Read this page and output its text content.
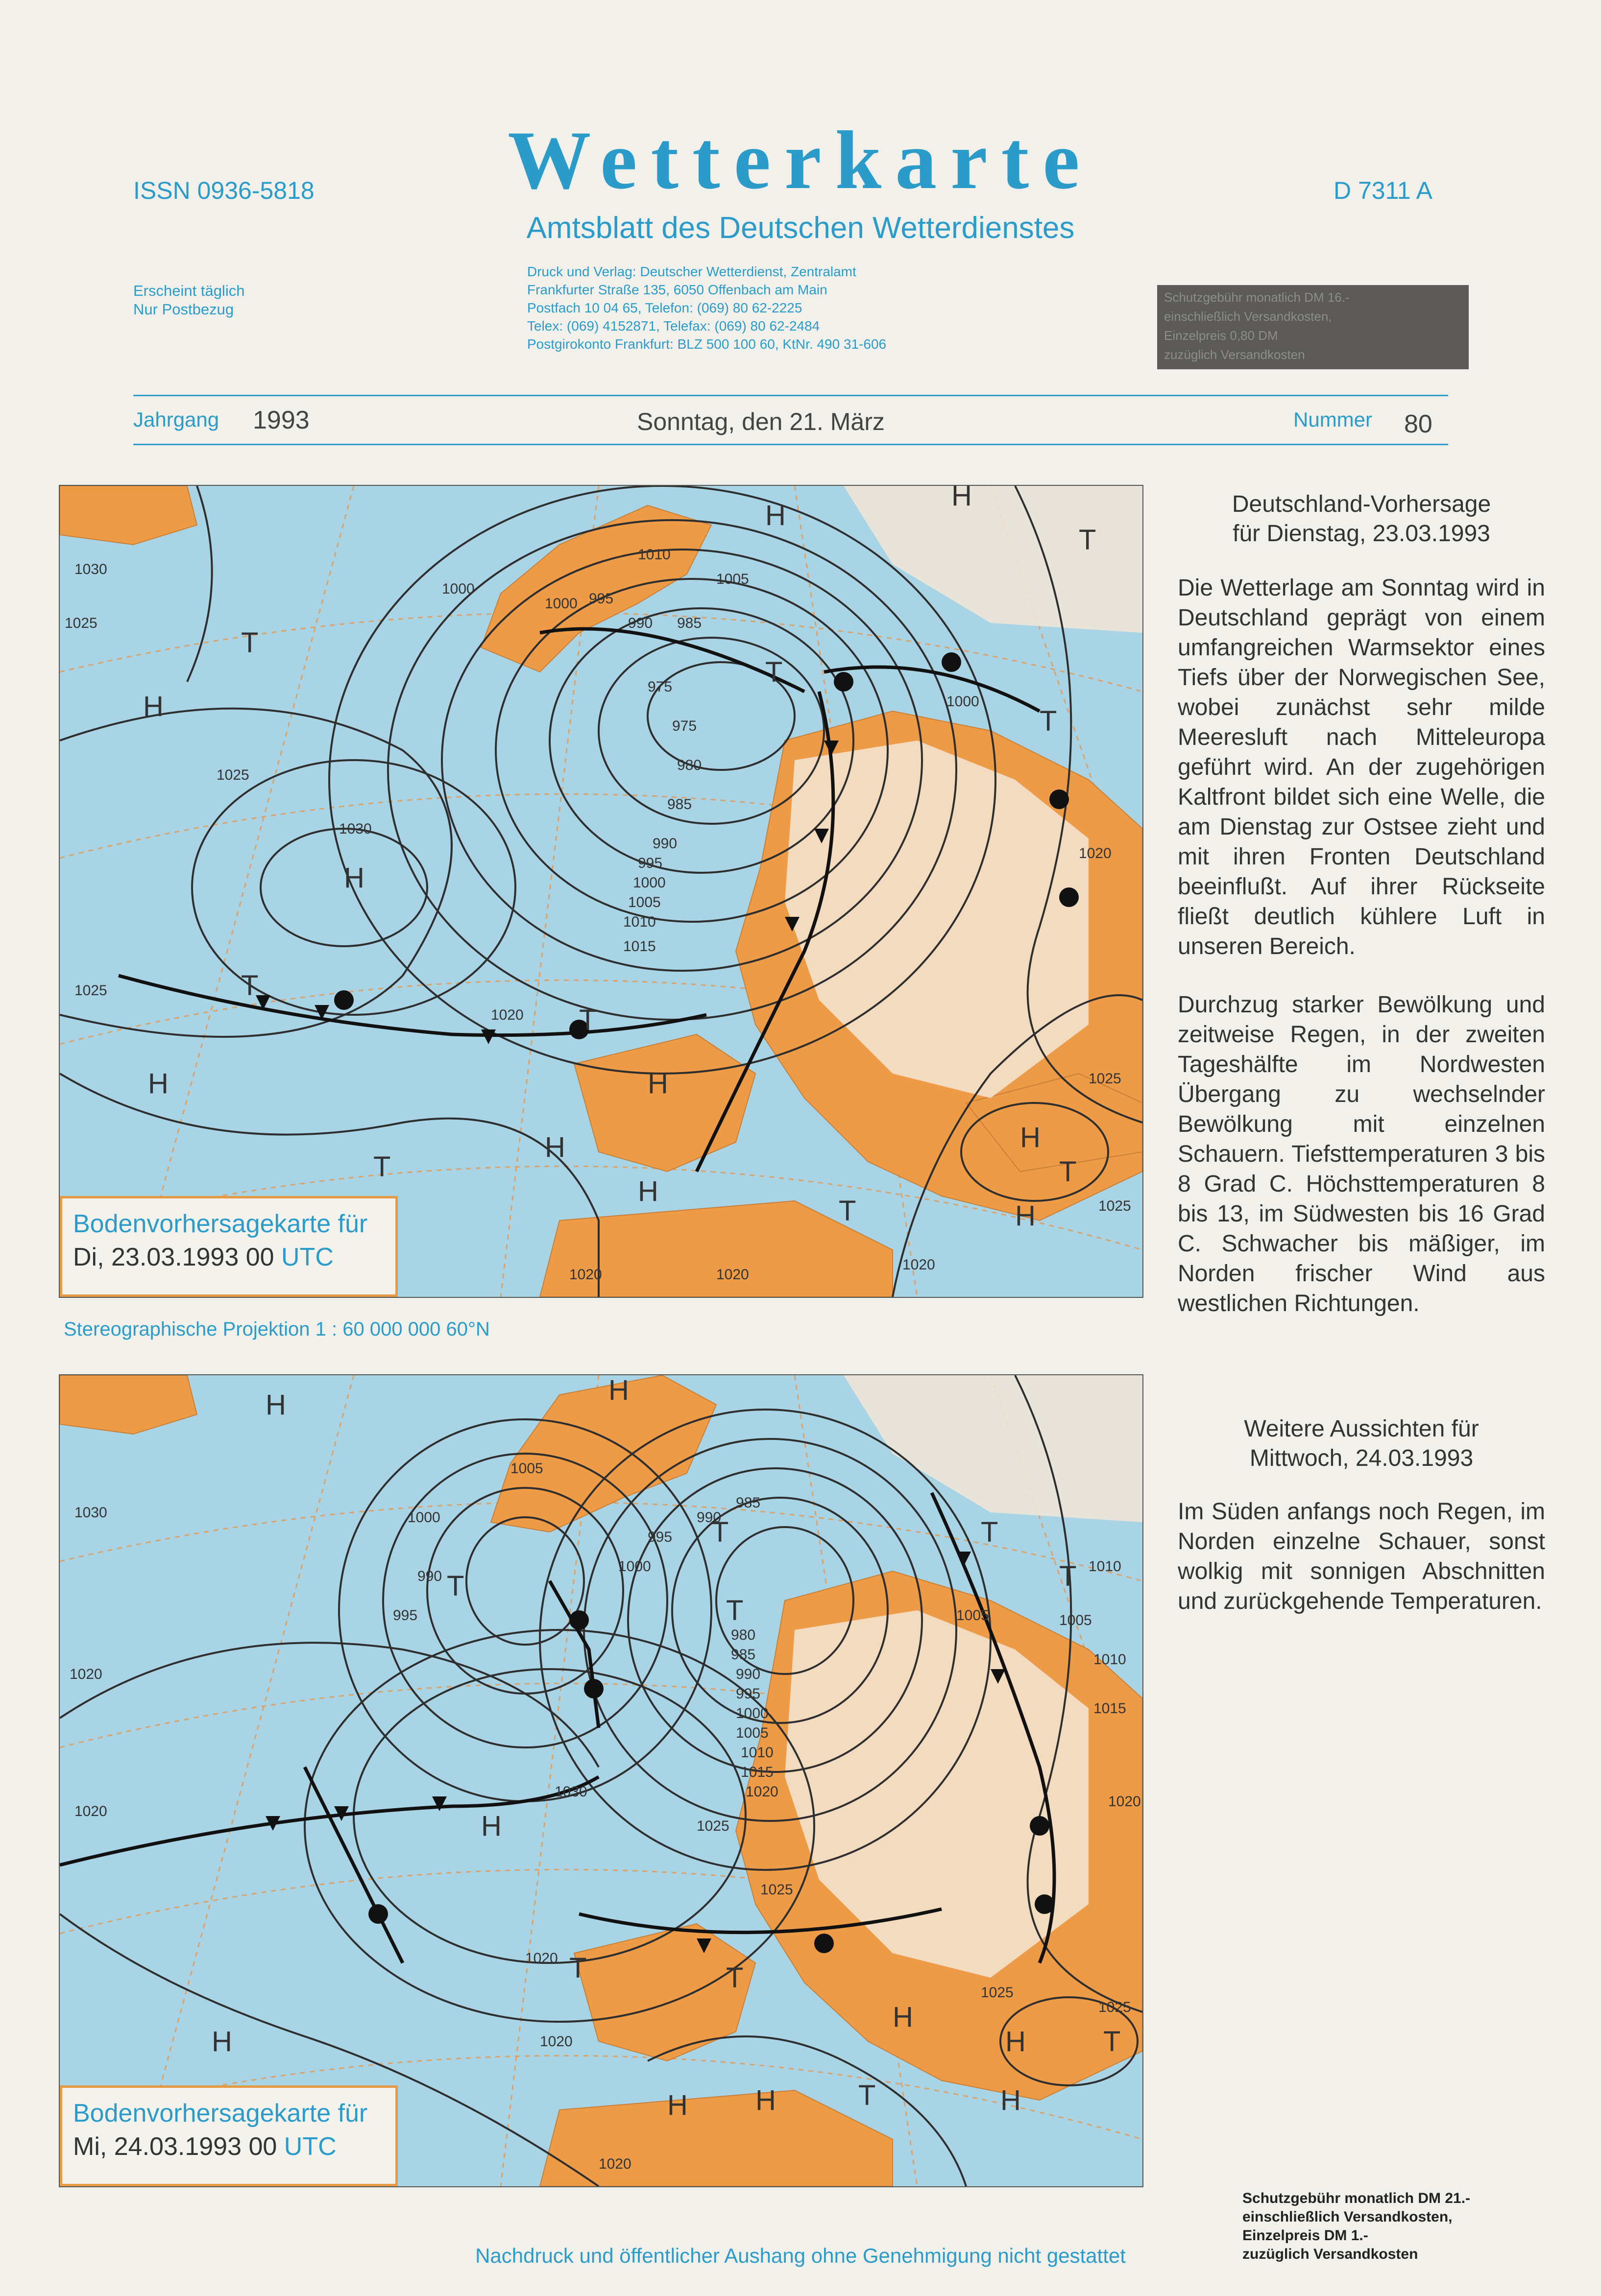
ISSN 0936-5818	Wetterkarte
Amtsblatt des Deutschen Wetterdienstes
D 7311 A
Erscheint täglich
Nur Postbezug
Druck und Verlag: Deutscher Wetterdienst, Zentralamt
Frankfurter Straße 135, 6050 Offenbach am Main
Postfach 10 04 65, Telefon: (069) 80 62-2225
Telex: (069) 4152871, Telefax: (069) 80 62-2484
Postgirokonto Frankfurt: BLZ 500 100 60, KtNr. 490 31-606
Schutzgebühr monatlich DM 16.-
einschließlich Versandkosten,
Einzelpreis 0,80 DM
zuzüglich Versandkosten
Jahrgang 1993	Sonntag, den 21. März	Nummer 80
H
H
T
T
H
T
H
T
H
T
H
T
H
T
H
H
T
H
T
1030
1025
1000
1010
1000 995
1005
990 985
975
975
980
985
990
995
1000
1005
1010
1015
1025
1030
1025
1020
1000
1020
1025
1020	1020
1020
1025
Bodenvorhersagekarte für
Di, 23.03.1993 00 UTC
Stereographische Projektion 1 : 60 000 000 60°N
H	H
T
T
T	T
H
H
T
H
H	T
H
T
T
H
H
T
1030
1005
1000
990
995
1020
1000
995
990
985
980
985
990
995
1000
1005
1010
1015
1020
1025
1030
1020
1005
1010
1015
1005
1010
1020
1020
1025
1020
1025
1020
1025
Bodenvorhersagekarte für
Mi, 24.03.1993 00 UTC
Deutschland-Vorhersage
für Dienstag, 23.03.1993

Die Wetterlage am Sonntag wird in Deutschland geprägt von einem umfangreichen Warmsektor eines Tiefs über der Norwegischen See, wobei zunächst sehr milde Meeresluft nach Mitteleuropa geführt wird. An der zugehörigen Kaltfront bildet sich eine Welle, die am Dienstag zur Ostsee zieht und mit ihren Fronten Deutschland beeinflußt. Auf ihrer Rückseite fließt deutlich kühlere Luft in unseren Bereich.

Durchzug starker Bewölkung und zeitweise Regen, in der zweiten Tageshälfte im Nordwesten Übergang zu wechselnder Bewölkung mit einzelnen Schauern. Tiefsttemperaturen 3 bis 8 Grad C. Höchsttemperaturen 8 bis 13, im Südwesten bis 16 Grad C. Schwacher bis mäßiger, im Norden frischer Wind aus westlichen Richtungen.

Weitere Aussichten für
Mittwoch, 24.03.1993

Im Süden anfangs noch Regen, im Norden einzelne Schauer, sonst wolkig mit sonnigen Abschnitten und zurückgehende Temperaturen.

Schutzgebühr monatlich DM 21.-
einschließlich Versandkosten,
Einzelpreis DM 1.-
zuzüglich Versandkosten
Nachdruck und öffentlicher Aushang ohne Genehmigung nicht gestattet
